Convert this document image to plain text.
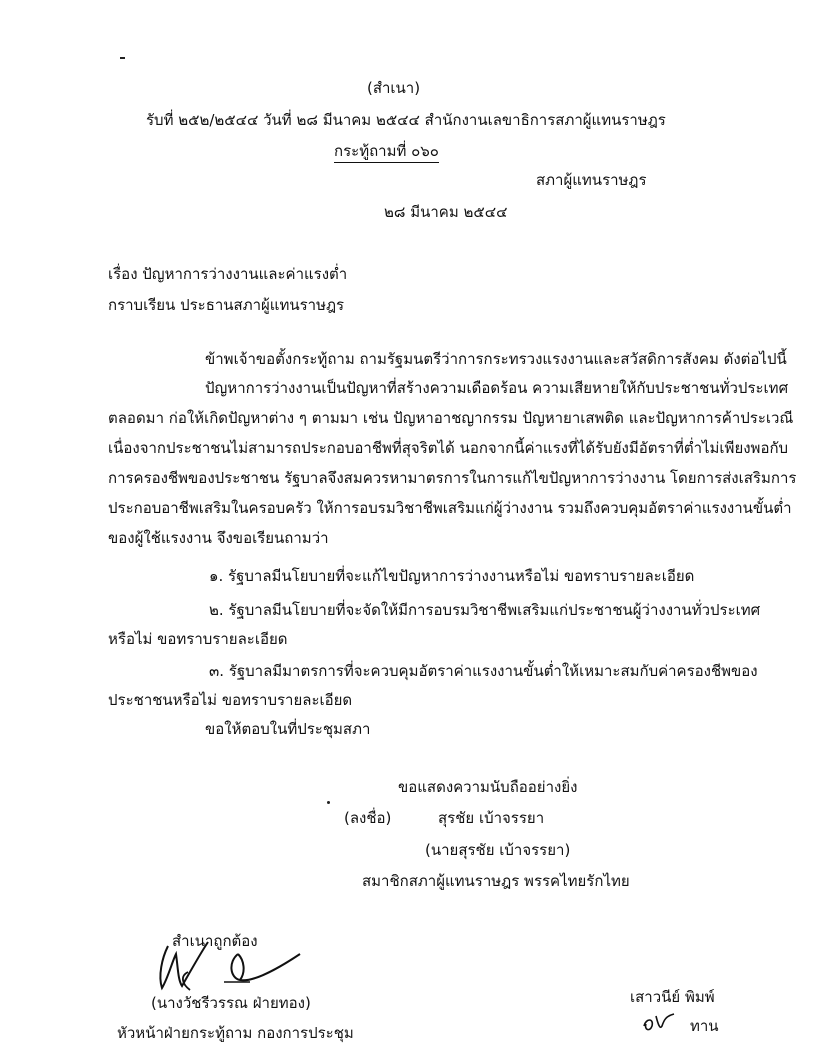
(สำเนา)
รับที่ ๒๕๒/๒๕๔๔ วันที่ ๒๘ มีนาคม ๒๕๔๔ สำนักงานเลขาธิการสภาผู้แทนราษฎร
กระทู้ถามที่ ๐๖๐
สภาผู้แทนราษฎร
๒๘ มีนาคม ๒๕๔๔
เรื่อง ปัญหาการว่างงานและค่าแรงต่ำ
กราบเรียน ประธานสภาผู้แทนราษฎร
ข้าพเจ้าขอตั้งกระทู้ถาม ถามรัฐมนตรีว่าการกระทรวงแรงงานและสวัสดิการสังคม ดังต่อไปนี้
ปัญหาการว่างงานเป็นปัญหาที่สร้างความเดือดร้อน ความเสียหายให้กับประชาชนทั่วประเทศ
ตลอดมา ก่อให้เกิดปัญหาต่าง ๆ ตามมา เช่น ปัญหาอาชญากรรม ปัญหายาเสพติด และปัญหาการค้าประเวณี
เนื่องจากประชาชนไม่สามารถประกอบอาชีพที่สุจริตได้ นอกจากนี้ค่าแรงที่ได้รับยังมีอัตราที่ต่ำไม่เพียงพอกับ
การครองชีพของประชาชน รัฐบาลจึงสมควรหามาตรการในการแก้ไขปัญหาการว่างงาน โดยการส่งเสริมการ
ประกอบอาชีพเสริมในครอบครัว ให้การอบรมวิชาชีพเสริมแก่ผู้ว่างงาน รวมถึงควบคุมอัตราค่าแรงงานขั้นต่ำ
ของผู้ใช้แรงงาน จึงขอเรียนถามว่า
๑. รัฐบาลมีนโยบายที่จะแก้ไขปัญหาการว่างงานหรือไม่ ขอทราบรายละเอียด
๒. รัฐบาลมีนโยบายที่จะจัดให้มีการอบรมวิชาชีพเสริมแก่ประชาชนผู้ว่างงานทั่วประเทศ
หรือไม่ ขอทราบรายละเอียด
๓. รัฐบาลมีมาตรการที่จะควบคุมอัตราค่าแรงงานขั้นต่ำให้เหมาะสมกับค่าครองชีพของ
ประชาชนหรือไม่ ขอทราบรายละเอียด
ขอให้ตอบในที่ประชุมสภา
ขอแสดงความนับถืออย่างยิ่ง
(ลงชื่อ)	สุรชัย เบ้าจรรยา
(นายสุรชัย เบ้าจรรยา)
สมาชิกสภาผู้แทนราษฎร พรรคไทยรักไทย
สำเนาถูกต้อง
(นางวัชรีวรรณ ฝ่ายทอง)
หัวหน้าฝ่ายกระทู้ถาม กองการประชุม
เสาวนีย์ พิมพ์
ทาน
